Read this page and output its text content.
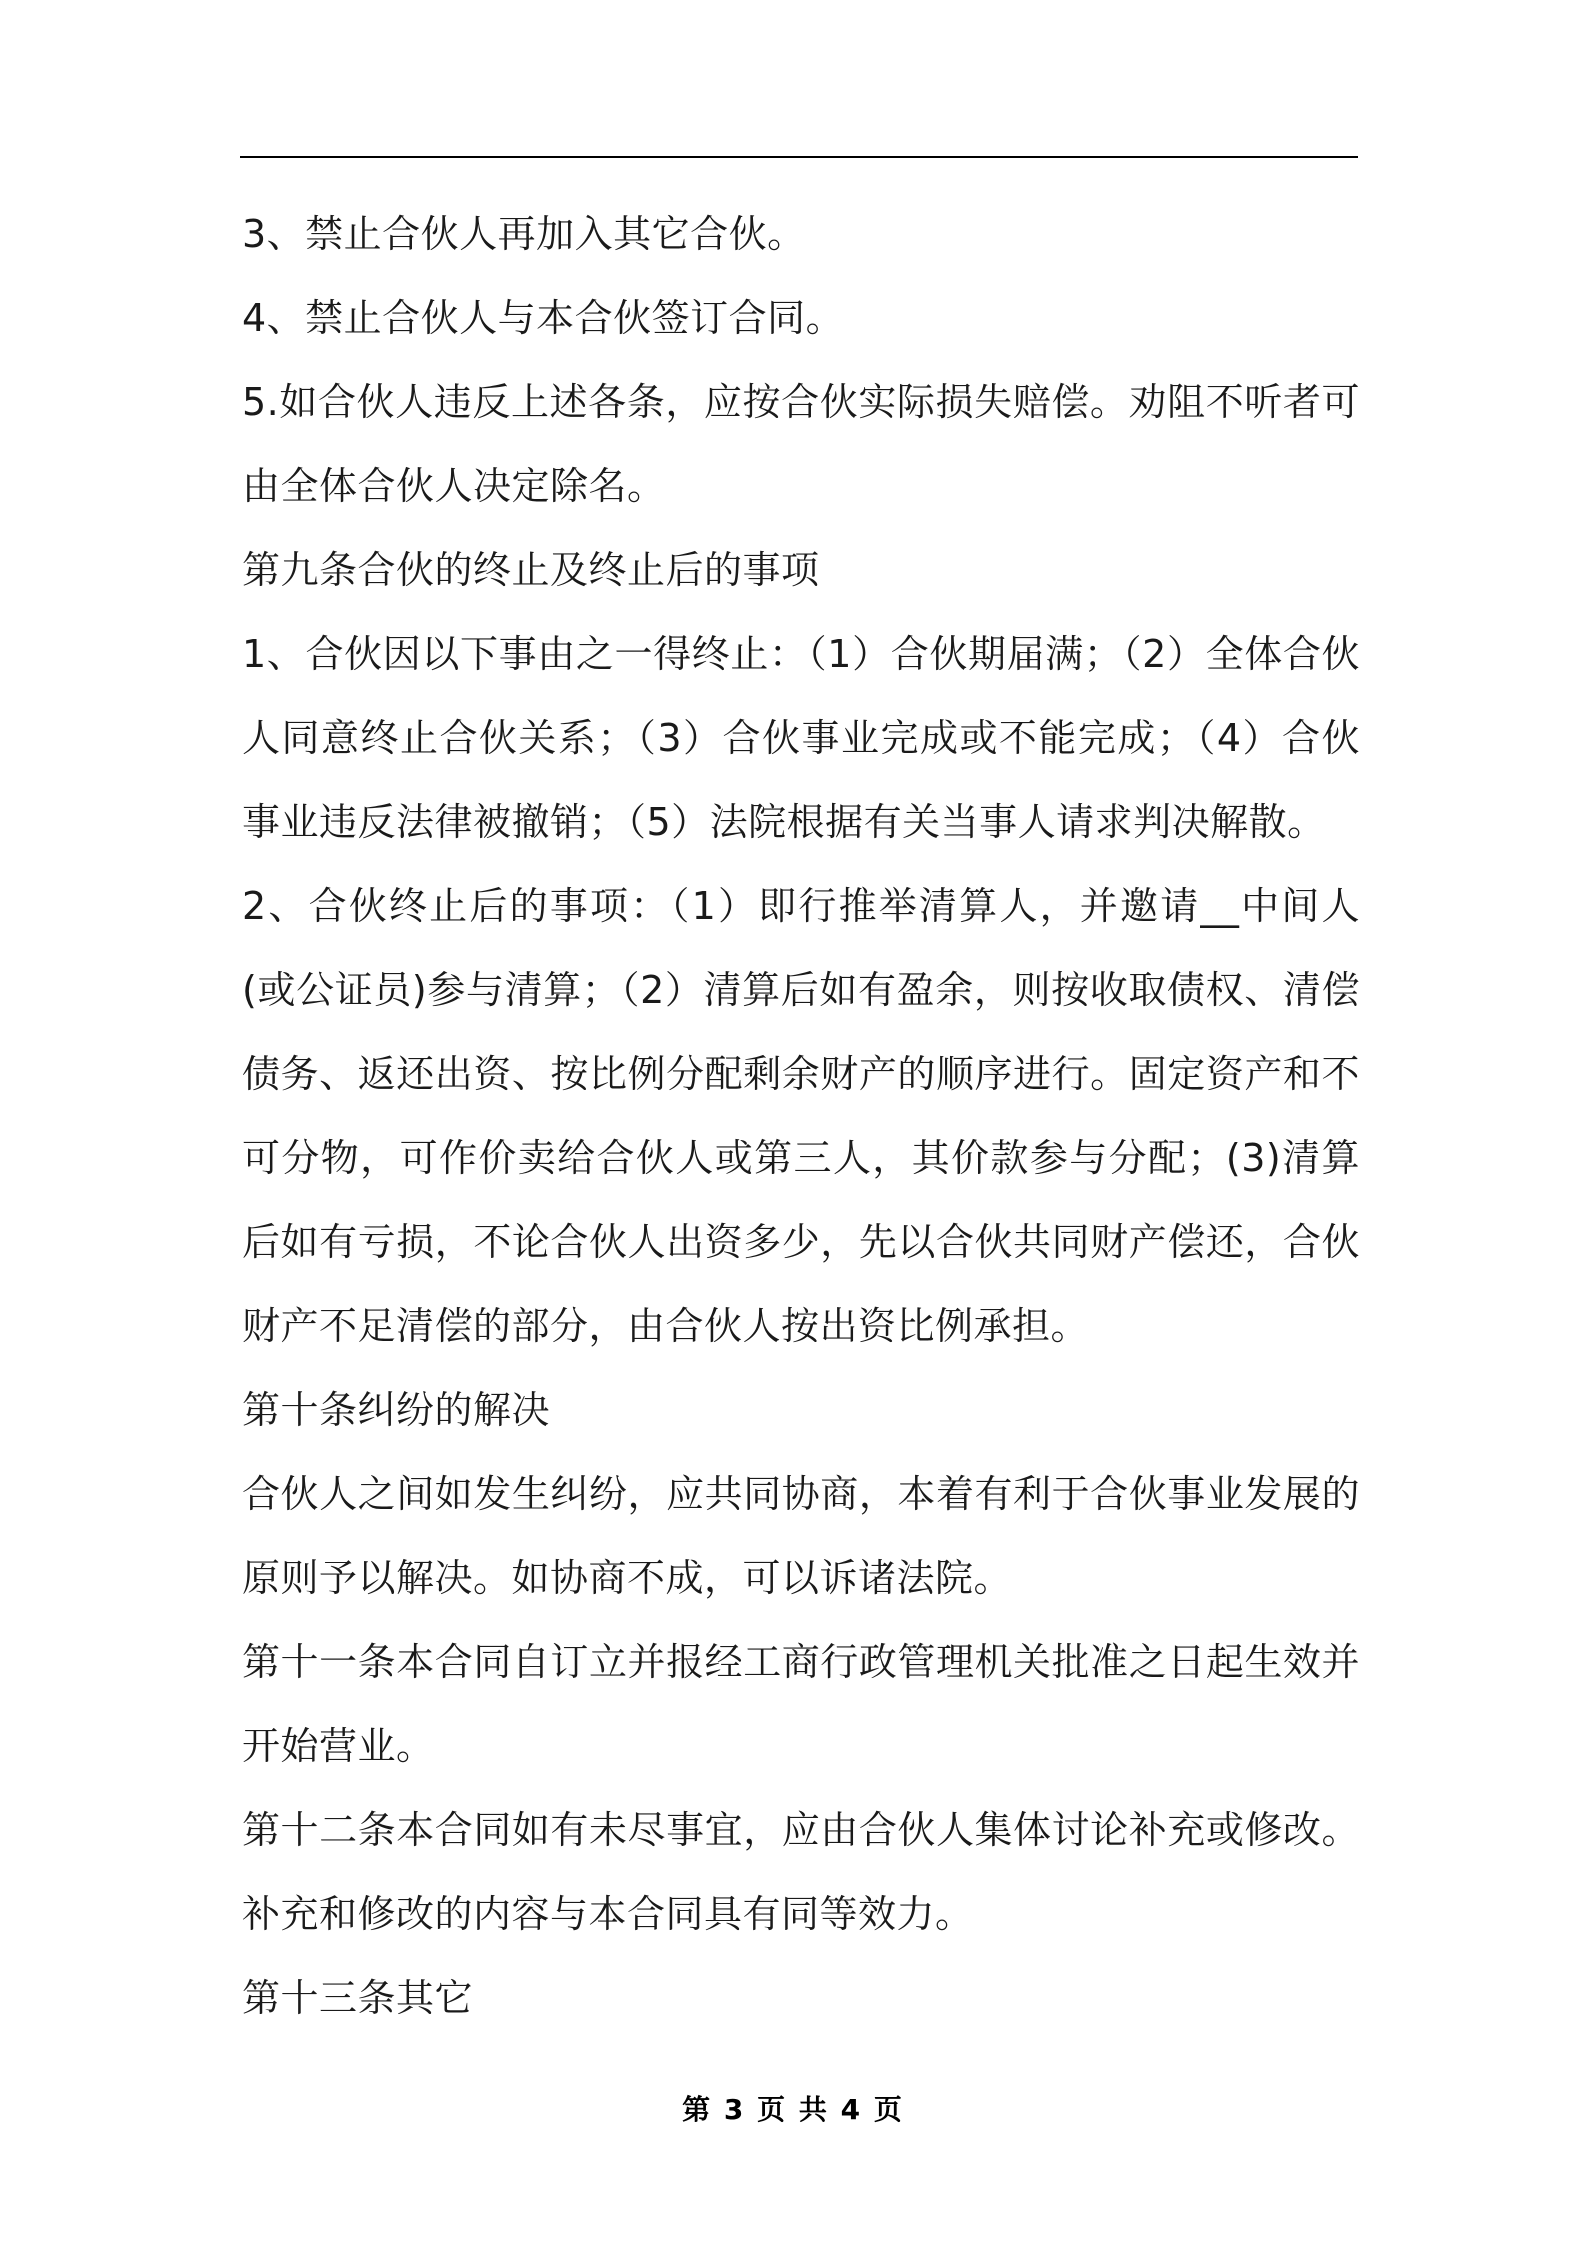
3、禁止合伙人再加入其它合伙。

4、禁止合伙人与本合伙签订合同。

5.如合伙人违反上述各条，应按合伙实际损失赔偿。劝阻不听者可由全体合伙人决定除名。

第九条合伙的终止及终止后的事项

1、合伙因以下事由之一得终止：（1）合伙期届满；（2）全体合伙人同意终止合伙关系；（3）合伙事业完成或不能完成；（4）合伙事业违反法律被撤销；（5）法院根据有关当事人请求判决解散。

2、合伙终止后的事项：（1）即行推举清算人，并邀请__中间人(或公证员)参与清算；（2）清算后如有盈余，则按收取债权、清偿债务、返还出资、按比例分配剩余财产的顺序进行。固定资产和不可分物，可作价卖给合伙人或第三人，其价款参与分配；(3)清算后如有亏损，不论合伙人出资多少，先以合伙共同财产偿还，合伙财产不足清偿的部分，由合伙人按出资比例承担。

第十条纠纷的解决

合伙人之间如发生纠纷，应共同协商，本着有利于合伙事业发展的原则予以解决。如协商不成，可以诉诸法院。

第十一条本合同自订立并报经工商行政管理机关批准之日起生效并开始营业。

第十二条本合同如有未尽事宜，应由合伙人集体讨论补充或修改。补充和修改的内容与本合同具有同等效力。

第十三条其它

第 3 页 共 4 页
